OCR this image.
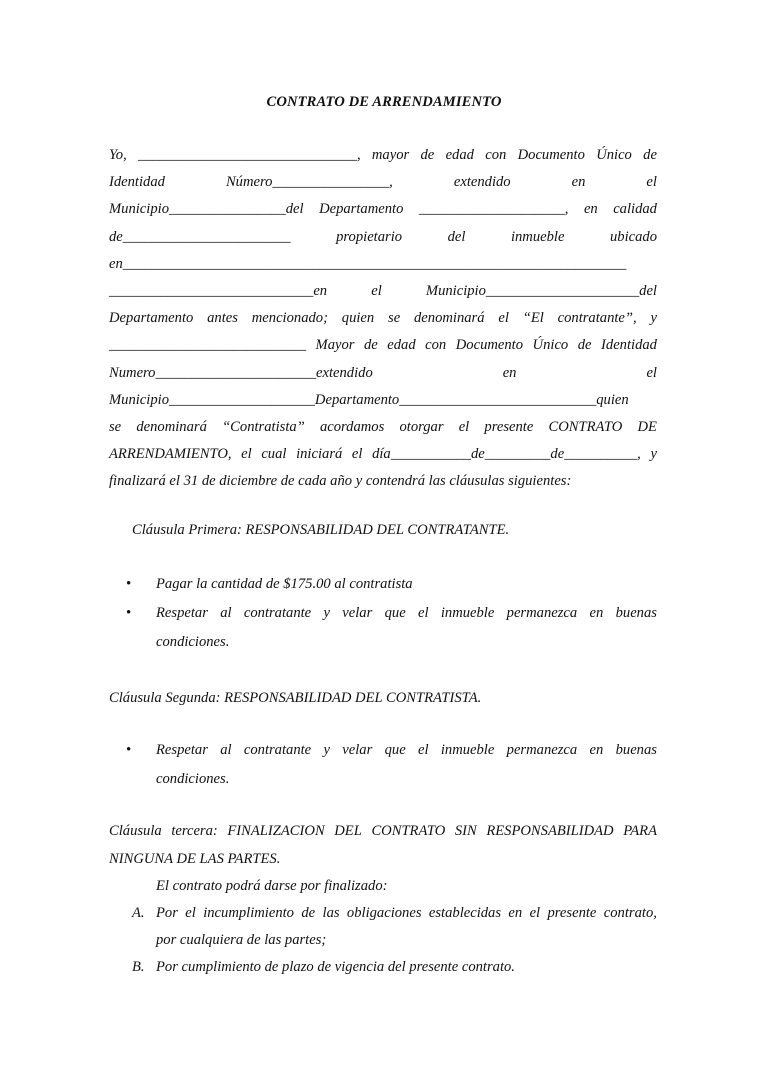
CONTRATO DE ARRENDAMIENTO
Yo, ______________________________, mayor de edad con Documento Único de
Identidad	Número________________,	extendido	en	el
Municipio________________del Departamento ____________________, en calidad
de_______________________	propietario	del	inmueble	ubicado
en_____________________________________________________________________
____________________________en	el	Municipio_____________________del
Departamento antes mencionado; quien se denominará el “El contratante”, y
___________________________ Mayor de edad con Documento Único de Identidad
Numero______________________extendido	en	el
Municipio____________________Departamento___________________________quien
se denominará “Contratista” acordamos otorgar el presente CONTRATO DE
ARRENDAMIENTO, el cual iniciará el día___________de_________de__________, y
finalizará el 31 de diciembre de cada año y contendrá las cláusulas siguientes:
Cláusula Primera: RESPONSABILIDAD DEL CONTRATANTE.
• Pagar la cantidad de $175.00 al contratista
• Respetar al contratante y velar que el inmueble permanezca en buenas
condiciones.
Cláusula Segunda: RESPONSABILIDAD DEL CONTRATISTA.
• Respetar al contratante y velar que el inmueble permanezca en buenas
condiciones.
Cláusula tercera: FINALIZACION DEL CONTRATO SIN RESPONSABILIDAD PARA
NINGUNA DE LAS PARTES.
El contrato podrá darse por finalizado:
A. Por el incumplimiento de las obligaciones establecidas en el presente contrato,
por cualquiera de las partes;
B. Por cumplimiento de plazo de vigencia del presente contrato.
